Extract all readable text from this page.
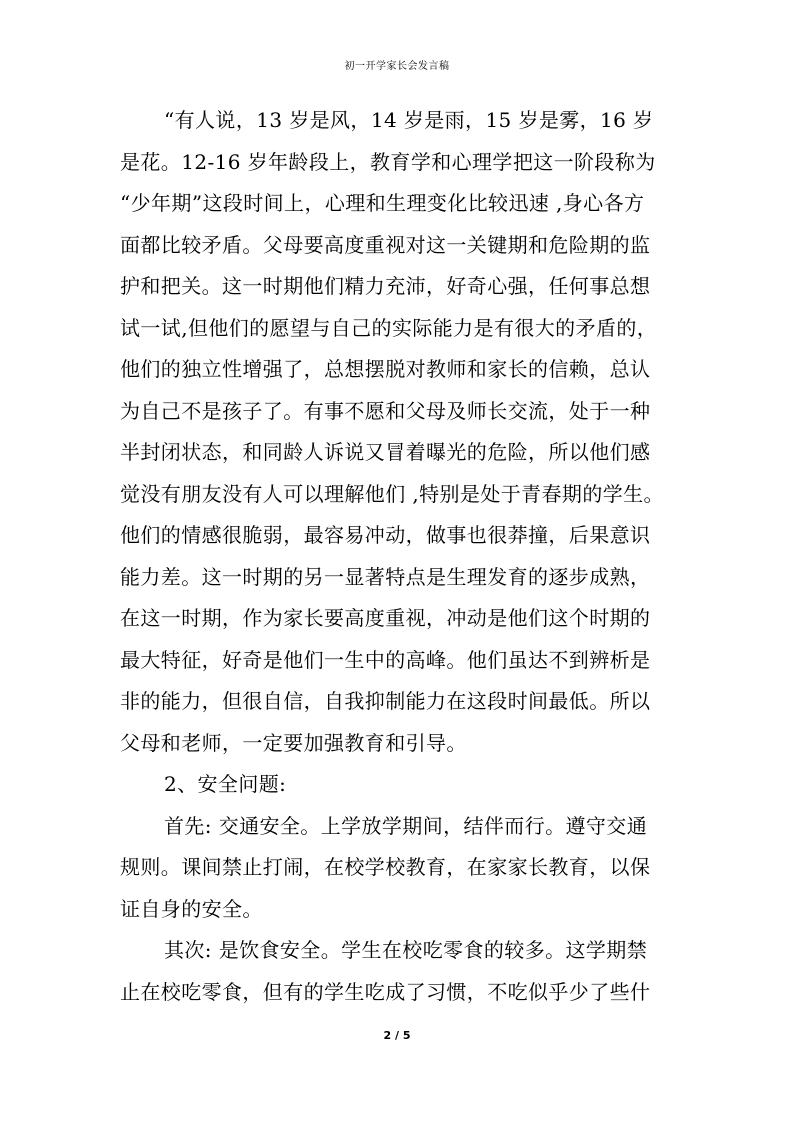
初一开学家长会发言稿
“有人说，13 岁是风，14 岁是雨，15 岁是雾，16 岁
是花。12-16 岁年龄段上，教育学和心理学把这一阶段称为
“少年期”这段时间上，心理和生理变化比较迅速 ,身心各方
面都比较矛盾。父母要高度重视对这一关键期和危险期的监
护和把关。这一时期他们精力充沛，好奇心强，任何事总想
试一试,但他们的愿望与自己的实际能力是有很大的矛盾的，
他们的独立性增强了，总想摆脱对教师和家长的信赖，总认
为自己不是孩子了。有事不愿和父母及师长交流，处于一种
半封闭状态，和同龄人诉说又冒着曝光的危险，所以他们感
觉没有朋友没有人可以理解他们 ,特别是处于青春期的学生。
他们的情感很脆弱，最容易冲动，做事也很莽撞，后果意识
能力差。这一时期的另一显著特点是生理发育的逐步成熟，
在这一时期，作为家长要高度重视，冲动是他们这个时期的
最大特征，好奇是他们一生中的高峰。他们虽达不到辨析是
非的能力，但很自信，自我抑制能力在这段时间最低。所以
父母和老师，一定要加强教育和引导。
2、安全问题:
首先: 交通安全。上学放学期间，结伴而行。遵守交通
规则。课间禁止打闹，在校学校教育，在家家长教育，以保
证自身的安全。
其次: 是饮食安全。学生在校吃零食的较多。这学期禁
止在校吃零食，但有的学生吃成了习惯，不吃似乎少了些什
2 / 5
